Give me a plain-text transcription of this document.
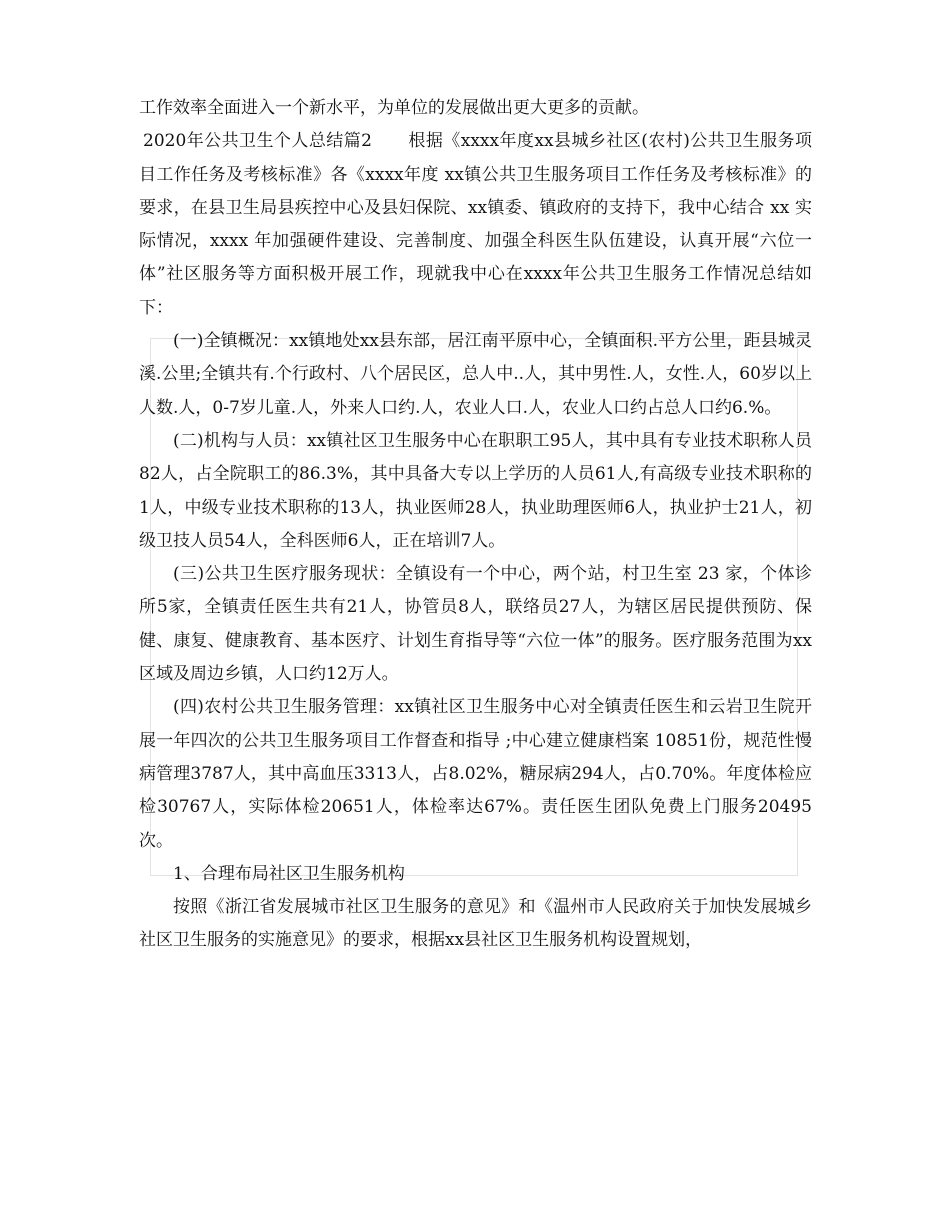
工作效率全面进入一个新水平，为单位的发展做出更大更多的贡献。

2020年公共卫生个人总结篇2 根据《xxxx年度xx县城乡社区(农村)公共卫生服务项目工作任务及考核标准》各《xxxx年度 xx镇公共卫生服务项目工作任务及考核标准》的要求，在县卫生局县疾控中心及县妇保院、xx镇委、镇政府的支持下，我中心结合 xx 实际情况，xxxx 年加强硬件建设、完善制度、加强全科医生队伍建设，认真开展“六位一体”社区服务等方面积极开展工作，现就我中心在xxxx年公共卫生服务工作情况总结如下：

(一)全镇概况：xx镇地处xx县东部，居江南平原中心，全镇面积.平方公里，距县城灵溪.公里;全镇共有.个行政村、八个居民区，总人中..人，其中男性.人，女性.人，60岁以上人数.人，0-7岁儿童.人，外来人口约.人，农业人口.人，农业人口约占总人口约6.%。

(二)机构与人员：xx镇社区卫生服务中心在职职工95人，其中具有专业技术职称人员82人，占全院职工的86.3%，其中具备大专以上学历的人员61人,有高级专业技术职称的1人，中级专业技术职称的13人，执业医师28人，执业助理医师6人，执业护士21人，初级卫技人员54人，全科医师6人，正在培训7人。

(三)公共卫生医疗服务现状：全镇设有一个中心，两个站，村卫生室 23 家，个体诊所5家，全镇责任医生共有21人，协管员8人，联络员27人，为辖区居民提供预防、保健、康复、健康教育、基本医疗、计划生育指导等“六位一体”的服务。医疗服务范围为xx区域及周边乡镇，人口约12万人。

(四)农村公共卫生服务管理：xx镇社区卫生服务中心对全镇责任医生和云岩卫生院开展一年四次的公共卫生服务项目工作督查和指导 ;中心建立健康档案 10851份，规范性慢病管理3787人，其中高血压3313人，占8.02%，糖尿病294人，占0.70%。年度体检应检30767人，实际体检20651人，体检率达67%。责任医生团队免费上门服务20495次。

1、合理布局社区卫生服务机构

按照《浙江省发展城市社区卫生服务的意见》和《温州市人民政府关于加快发展城乡社区卫生服务的实施意见》的要求，根据xx县社区卫生服务机构设置规划，
